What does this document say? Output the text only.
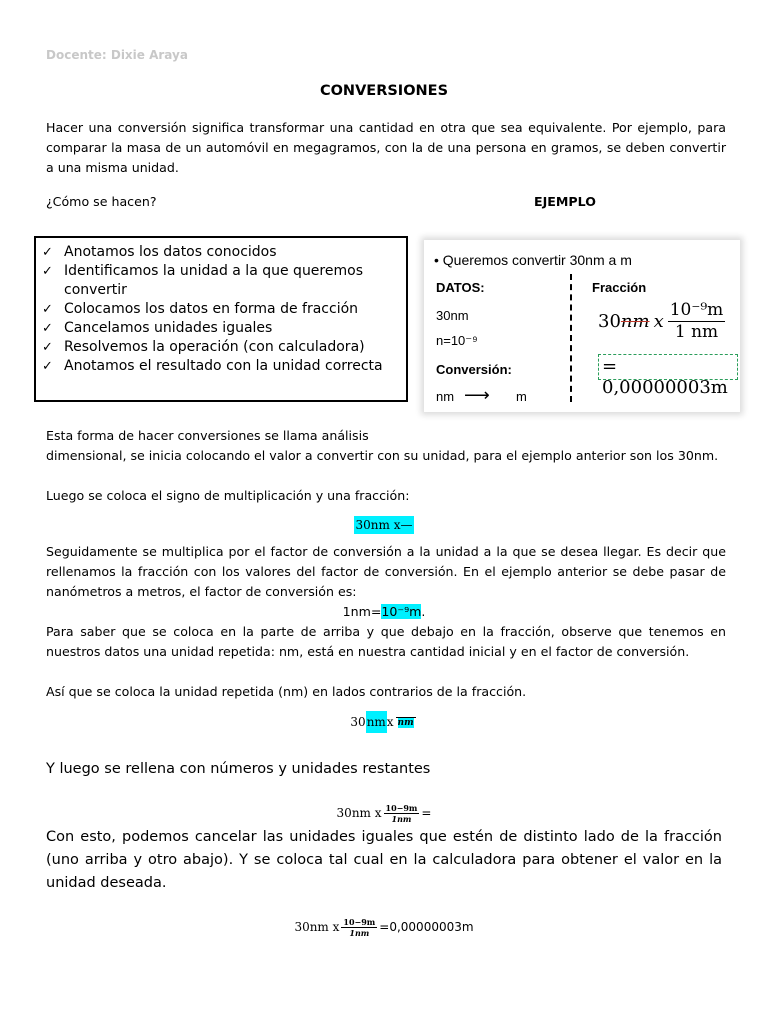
Docente: Dixie Araya
CONVERSIONES
Hacer una conversión significa transformar una cantidad en otra que sea equivalente. Por ejemplo, para comparar la masa de un automóvil en megagramos, con la de una persona en gramos, se deben convertir a una misma unidad.
¿Cómo se hacen?	EJEMPLO
✓ Anotamos los datos conocidos
✓ Identificamos la unidad a la que queremos convertir
✓ Colocamos los datos en forma de fracción
✓ Cancelamos unidades iguales
✓ Resolvemos la operación (con calculadora)
✓ Anotamos el resultado con la unidad correcta
• Queremos convertir 30nm a m
DATOS:	Fracción
30nm
n=10⁻⁹
Conversión:
nm ⟶ m
30 nm x
10⁻⁹m
1 nm
= 0,00000003m
Esta forma de hacer conversiones se llama análisis
dimensional, se inicia colocando el valor a convertir con su unidad, para el ejemplo anterior son los 30nm.
Luego se coloca el signo de multiplicación y una fracción:
30nm x—
Seguidamente se multiplica por el factor de conversión a la unidad a la que se desea llegar. Es decir que rellenamos la fracción con los valores del factor de conversión. En el ejemplo anterior se debe pasar de nanómetros a metros, el factor de conversión es:
1nm= 10⁻⁹m .
Para saber que se coloca en la parte de arriba y que debajo en la fracción, observe que tenemos en nuestros datos una unidad repetida: nm, está en nuestra cantidad inicial y en el factor de conversión.
Así que se coloca la unidad repetida (nm) en lados contrarios de la fracción.
30 nm x nm
Y luego se rellena con números y unidades restantes
30nm x $\frac{10-9m}{1nm}$ =
Con esto, podemos cancelar las unidades iguales que estén de distinto lado de la fracción (uno arriba y otro abajo). Y se coloca tal cual en la calculadora para obtener el valor en la unidad deseada.
30nm x $\frac{10-9m}{1nm} =0,00000003m$
